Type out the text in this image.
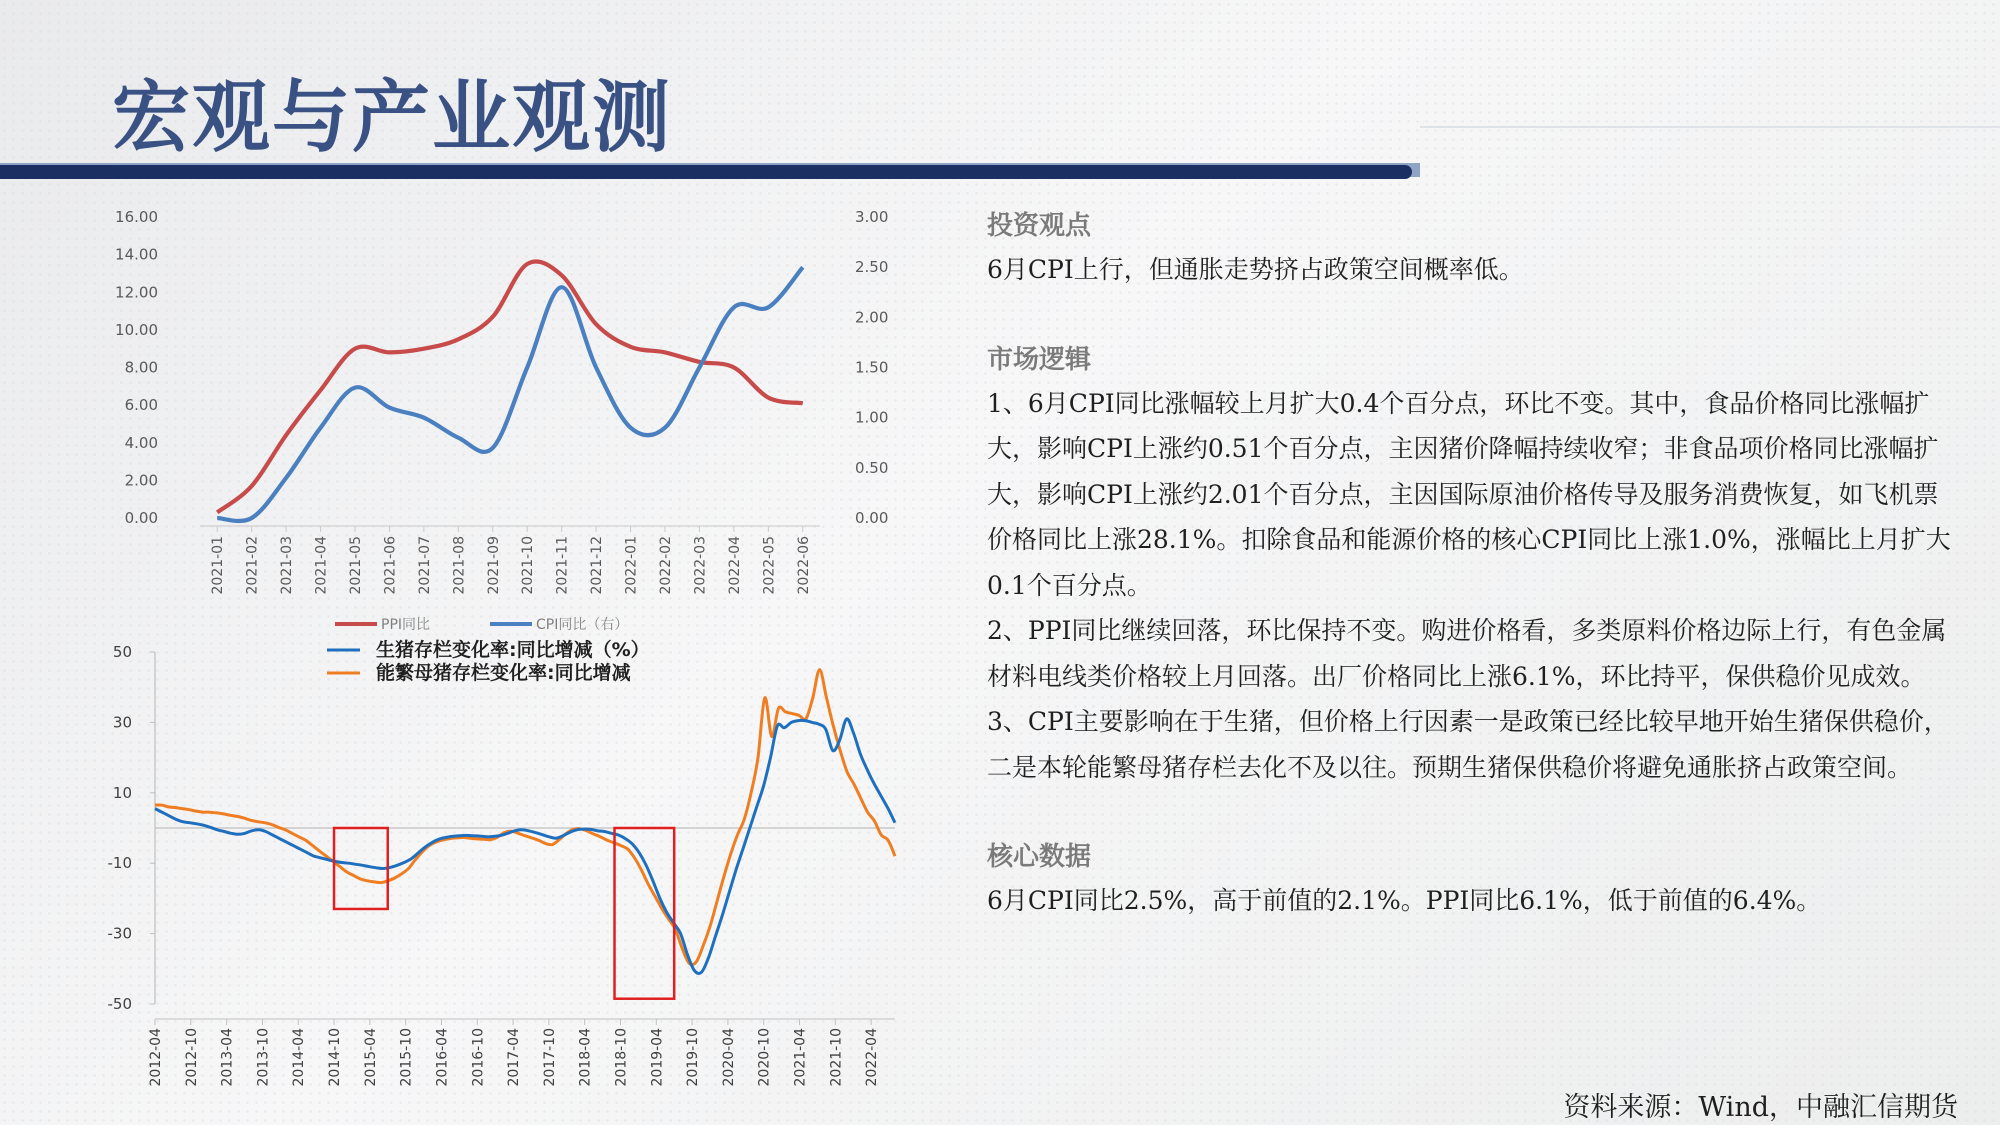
宏观与产业观测
16.00
14.00
12.00
10.00
8.00
6.00
4.00
2.00
0.00
3.00
2.50
2.00
1.50
1.00
0.50
0.00
2021-01 2021-02 2021-03 2021-04 2021-05 2021-06 2021-07 2021-08 2021-09 2021-10 2021-11 2021-12 2022-01 2022-02 2022-03 2022-04 2022-05 2022-06
PPI同比	CPI同比（右）
50
30
10
-10
-30
-50
2012-04 2012-10 2013-04 2013-10 2014-04 2014-10 2015-04 2015-10 2016-04 2016-10 2017-04 2017-10 2018-04 2018-10 2019-04 2019-10 2020-04 2020-10 2021-04 2021-10 2022-04
生猪存栏变化率:同比增减（%）
能繁母猪存栏变化率:同比增减
投资观点
6月CPI上行，但通胀走势挤占政策空间概率低。
市场逻辑
1、6月CPI同比涨幅较上月扩大0.4个百分点，环比不变。其中，食品价格同比涨幅扩大，影响CPI上涨约0.51个百分点，主因猪价降幅持续收窄；非食品项价格同比涨幅扩大，影响CPI上涨约2.01个百分点，主因国际原油价格传导及服务消费恢复，如飞机票价格同比上涨28.1%。扣除食品和能源价格的核心CPI同比上涨1.0%，涨幅比上月扩大0.1个百分点。
2、PPI同比继续回落，环比保持不变。购进价格看，多类原料价格边际上行，有色金属材料电线类价格较上月回落。出厂价格同比上涨6.1%，环比持平，保供稳价见成效。
3、CPI主要影响在于生猪，但价格上行因素一是政策已经比较早地开始生猪保供稳价，二是本轮能繁母猪存栏去化不及以往。预期生猪保供稳价将避免通胀挤占政策空间。
核心数据
6月CPI同比2.5%，高于前值的2.1%。PPI同比6.1%，低于前值的6.4%。
资料来源：Wind，中融汇信期货
